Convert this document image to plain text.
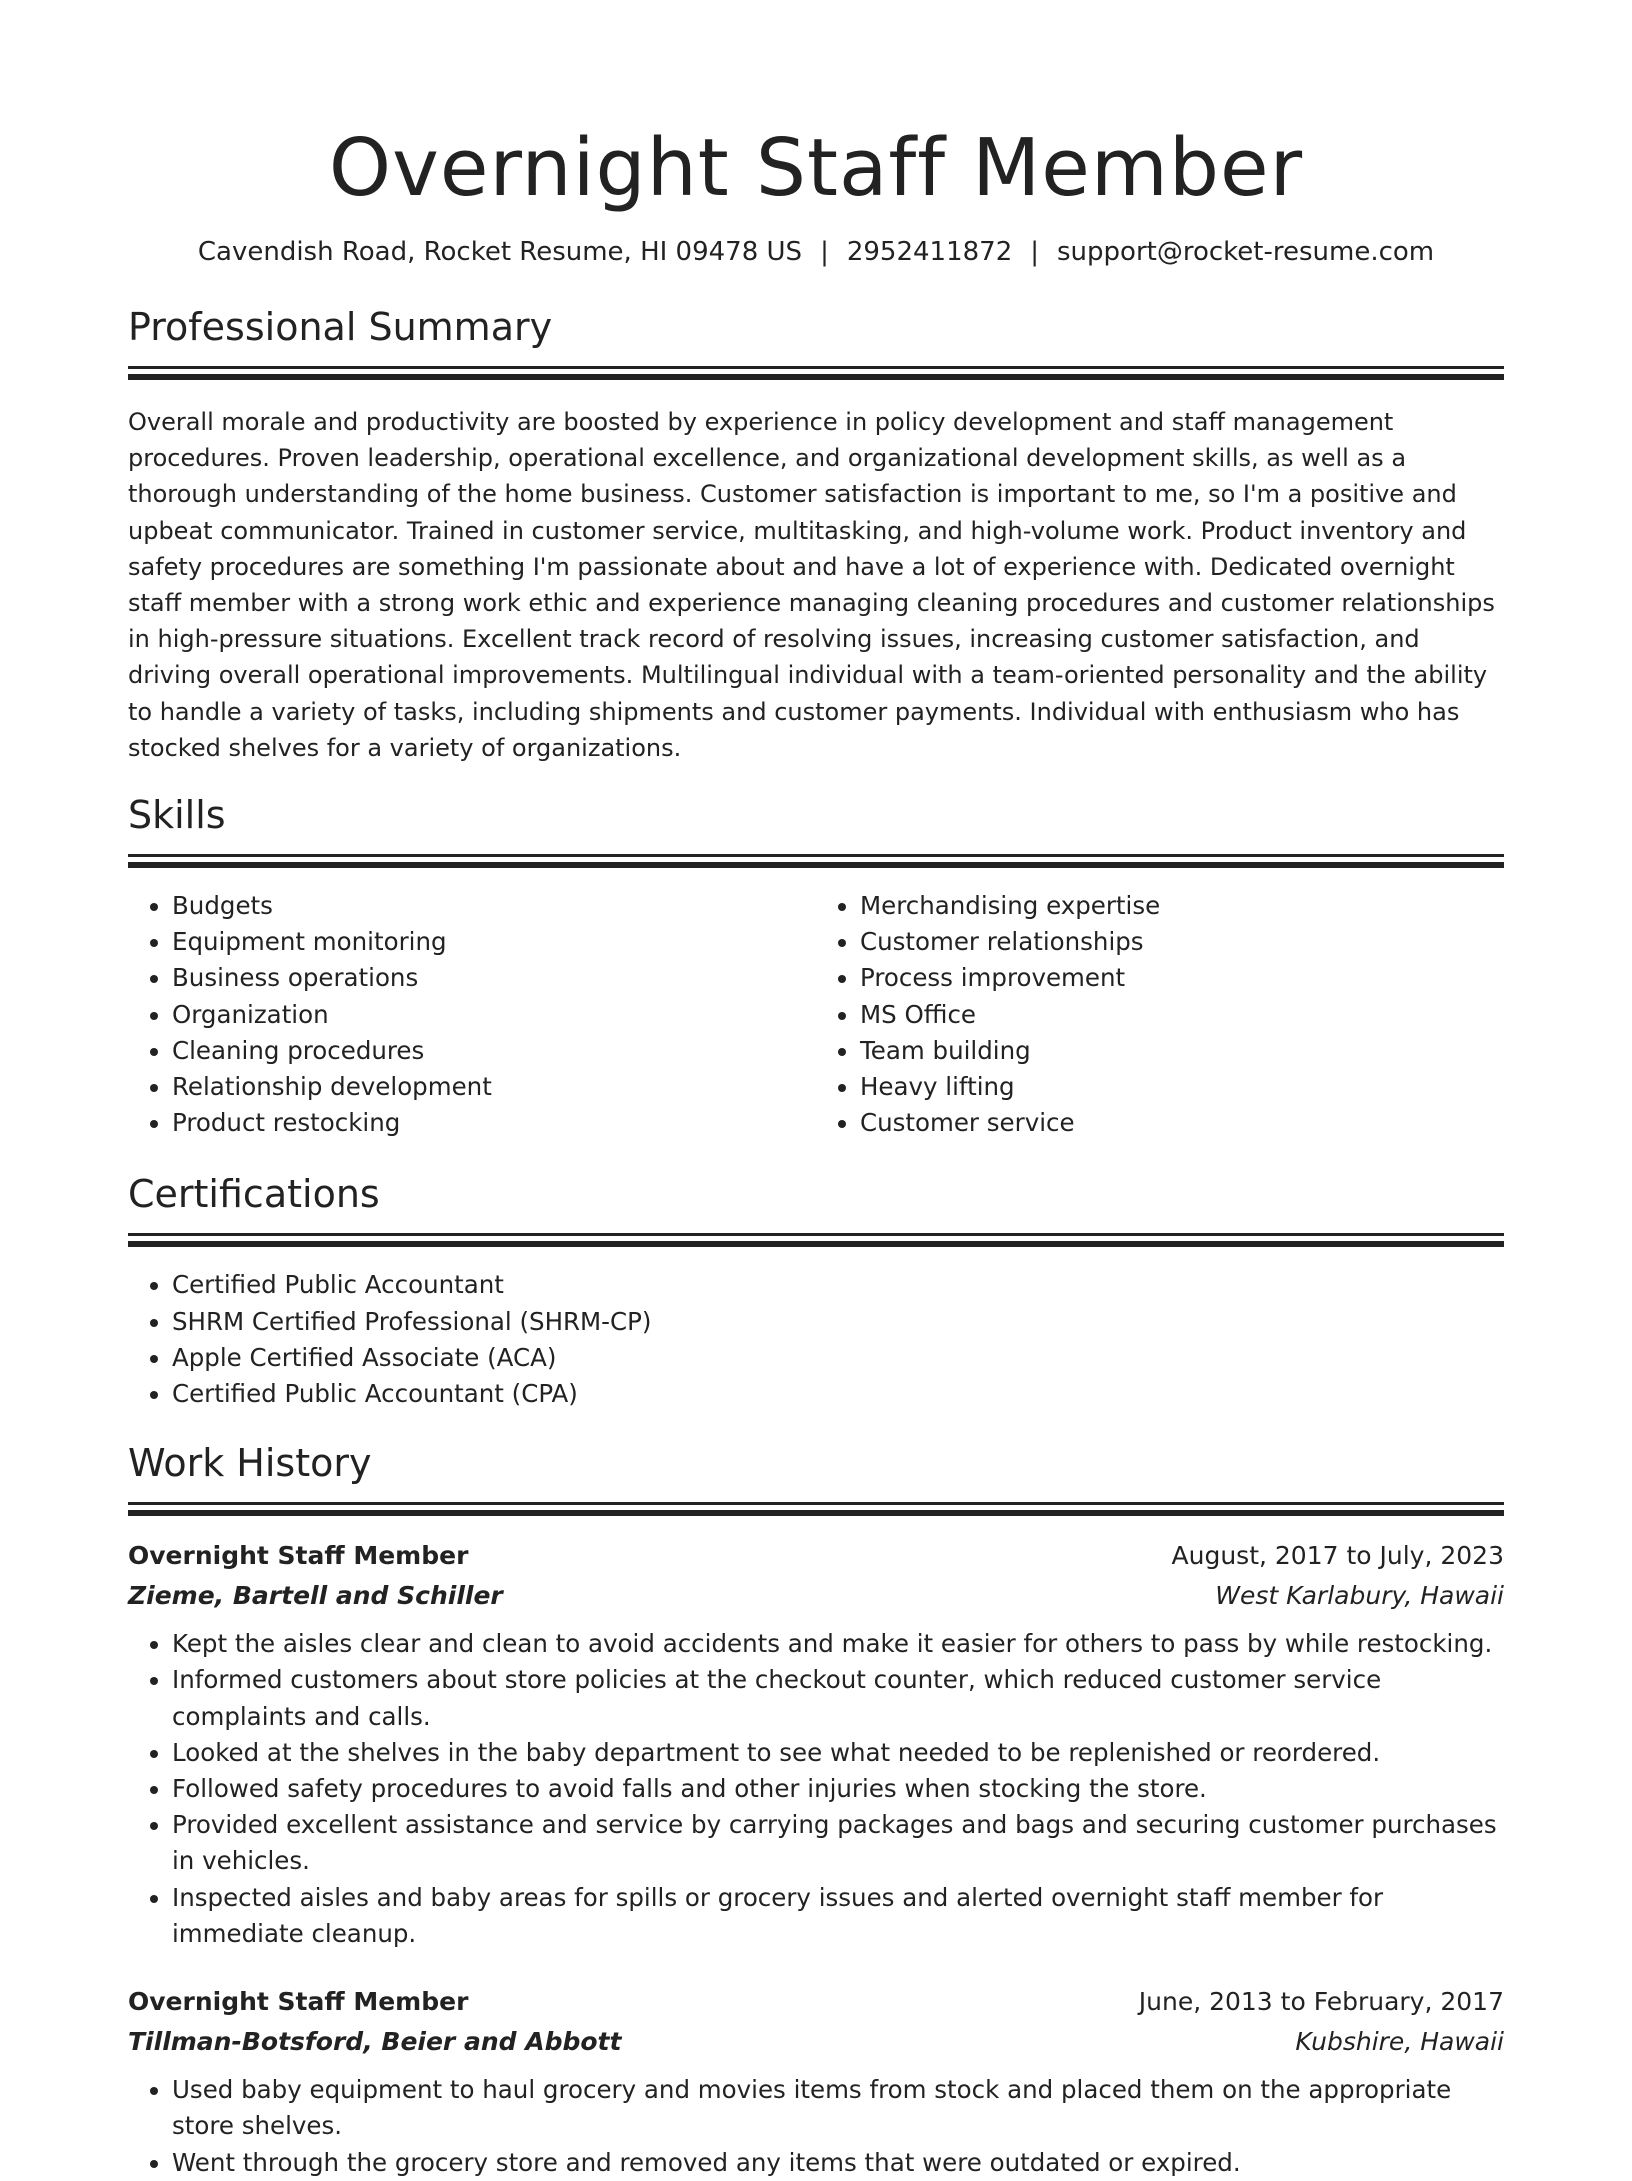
Overnight Staff Member
Cavendish Road, Rocket Resume, HI 09478 US | 2952411872 | support@rocket-resume.com
Professional Summary

Overall morale and productivity are boosted by experience in policy development and staff management procedures. Proven leadership, operational excellence, and organizational development skills, as well as a thorough understanding of the home business. Customer satisfaction is important to me, so I'm a positive and upbeat communicator. Trained in customer service, multitasking, and high-volume work. Product inventory and safety procedures are something I'm passionate about and have a lot of experience with. Dedicated overnight staff member with a strong work ethic and experience managing cleaning procedures and customer relationships in high-pressure situations. Excellent track record of resolving issues, increasing customer satisfaction, and driving overall operational improvements. Multilingual individual with a team-oriented personality and the ability to handle a variety of tasks, including shipments and customer payments. Individual with enthusiasm who has stocked shelves for a variety of organizations.

Skills
• Budgets
• Equipment monitoring
• Business operations
• Organization
• Cleaning procedures
• Relationship development
• Product restocking
• Merchandising expertise
• Customer relationships
• Process improvement
• MS Office
• Team building
• Heavy lifting
• Customer service
Certifications
• Certified Public Accountant
• SHRM Certified Professional (SHRM-CP)
• Apple Certified Associate (ACA)
• Certified Public Accountant (CPA)
Work History
Overnight Staff Member	August, 2017 to July, 2023
Zieme, Bartell and Schiller	West Karlabury, Hawaii
• Kept the aisles clear and clean to avoid accidents and make it easier for others to pass by while restocking.
• Informed customers about store policies at the checkout counter, which reduced customer service complaints and calls.
• Looked at the shelves in the baby department to see what needed to be replenished or reordered.
• Followed safety procedures to avoid falls and other injuries when stocking the store.
• Provided excellent assistance and service by carrying packages and bags and securing customer purchases in vehicles.
• Inspected aisles and baby areas for spills or grocery issues and alerted overnight staff member for immediate cleanup.
Overnight Staff Member	June, 2013 to February, 2017
Tillman-Botsford, Beier and Abbott	Kubshire, Hawaii
• Used baby equipment to haul grocery and movies items from stock and placed them on the appropriate store shelves.
• Went through the grocery store and removed any items that were outdated or expired.
